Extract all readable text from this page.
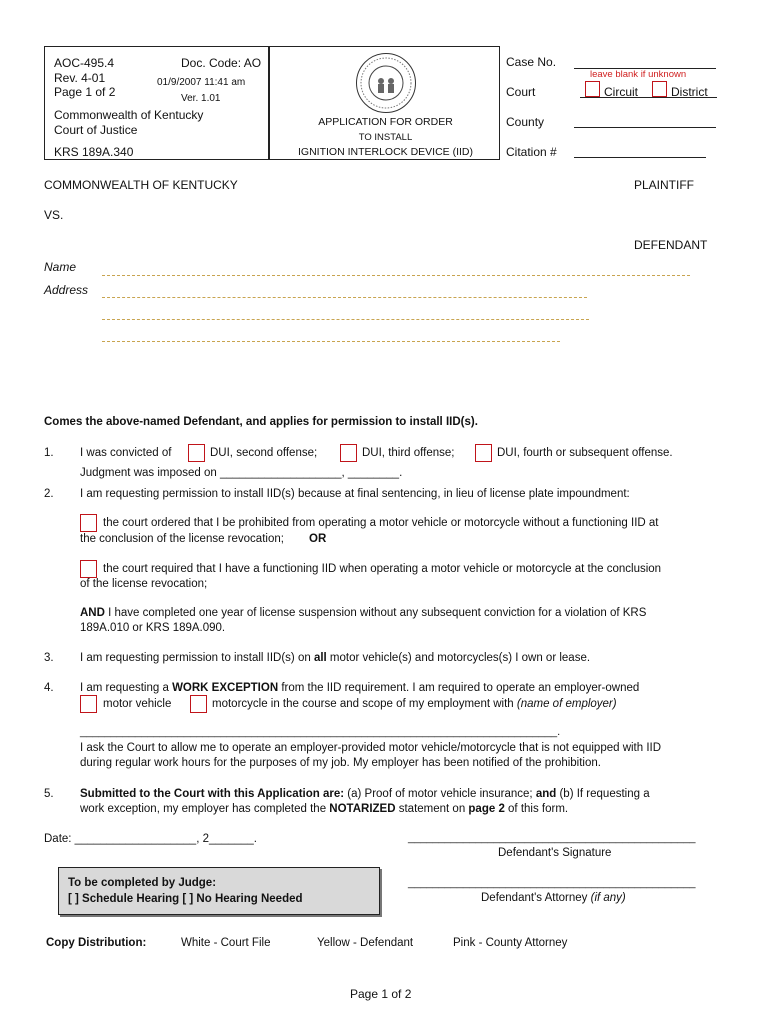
AOC-495.4	Doc. Code: AO
Rev. 4-01	01/9/2007 11:41 am
Page 1 of 2	Ver. 1.01
Commonwealth of Kentucky
Court of Justice
KRS 189A.340
APPLICATION FOR ORDER
TO INSTALL
IGNITION INTERLOCK DEVICE (IID)
Case No.
leave blank if unknown
Court	Circuit	District
County
Citation #
COMMONWEALTH OF KENTUCKY	PLAINTIFF
VS.
DEFENDANT
Name
Address
Comes the above-named Defendant, and applies for permission to install IID(s).
1. I was convicted of	DUI, second offense;	DUI, third offense;	DUI, fourth or subsequent offense.
Judgment was imposed on ___________________, ________.
2. I am requesting permission to install IID(s) because at final sentencing, in lieu of license plate impoundment:
the court ordered that I be prohibited from operating a motor vehicle or motorcycle without a functioning IID at
the conclusion of the license revocation; OR
the court required that I have a functioning IID when operating a motor vehicle or motorcycle at the conclusion
of the license revocation;
AND I have completed one year of license suspension without any subsequent conviction for a violation of KRS
189A.010 or KRS 189A.090.
3. I am requesting permission to install IID(s) on all motor vehicle(s) and motorcycles(s) I own or lease.
4. I am requesting a WORK EXCEPTION from the IID requirement. I am required to operate an employer-owned
motor vehicle	motorcycle in the course and scope of my employment with (name of employer)
______________________________________________________________________________.
I ask the Court to allow me to operate an employer-provided motor vehicle/motorcycle that is not equipped with IID
during regular work hours for the purposes of my job. My employer has been notified of the prohibition.
5. Submitted to the Court with this Application are: (a) Proof of motor vehicle insurance; and (b) If requesting a
work exception, my employer has completed the NOTARIZED statement on page 2 of this form.
Date: ___________________, 2_______.	_______________________________________________
Defendant's Signature
_______________________________________________
Defendant's Attorney (if any)
To be completed by Judge:
[ ] Schedule Hearing [ ] No Hearing Needed
Copy Distribution:	White - Court File	Yellow - Defendant	Pink - County Attorney
Page 1 of 2
